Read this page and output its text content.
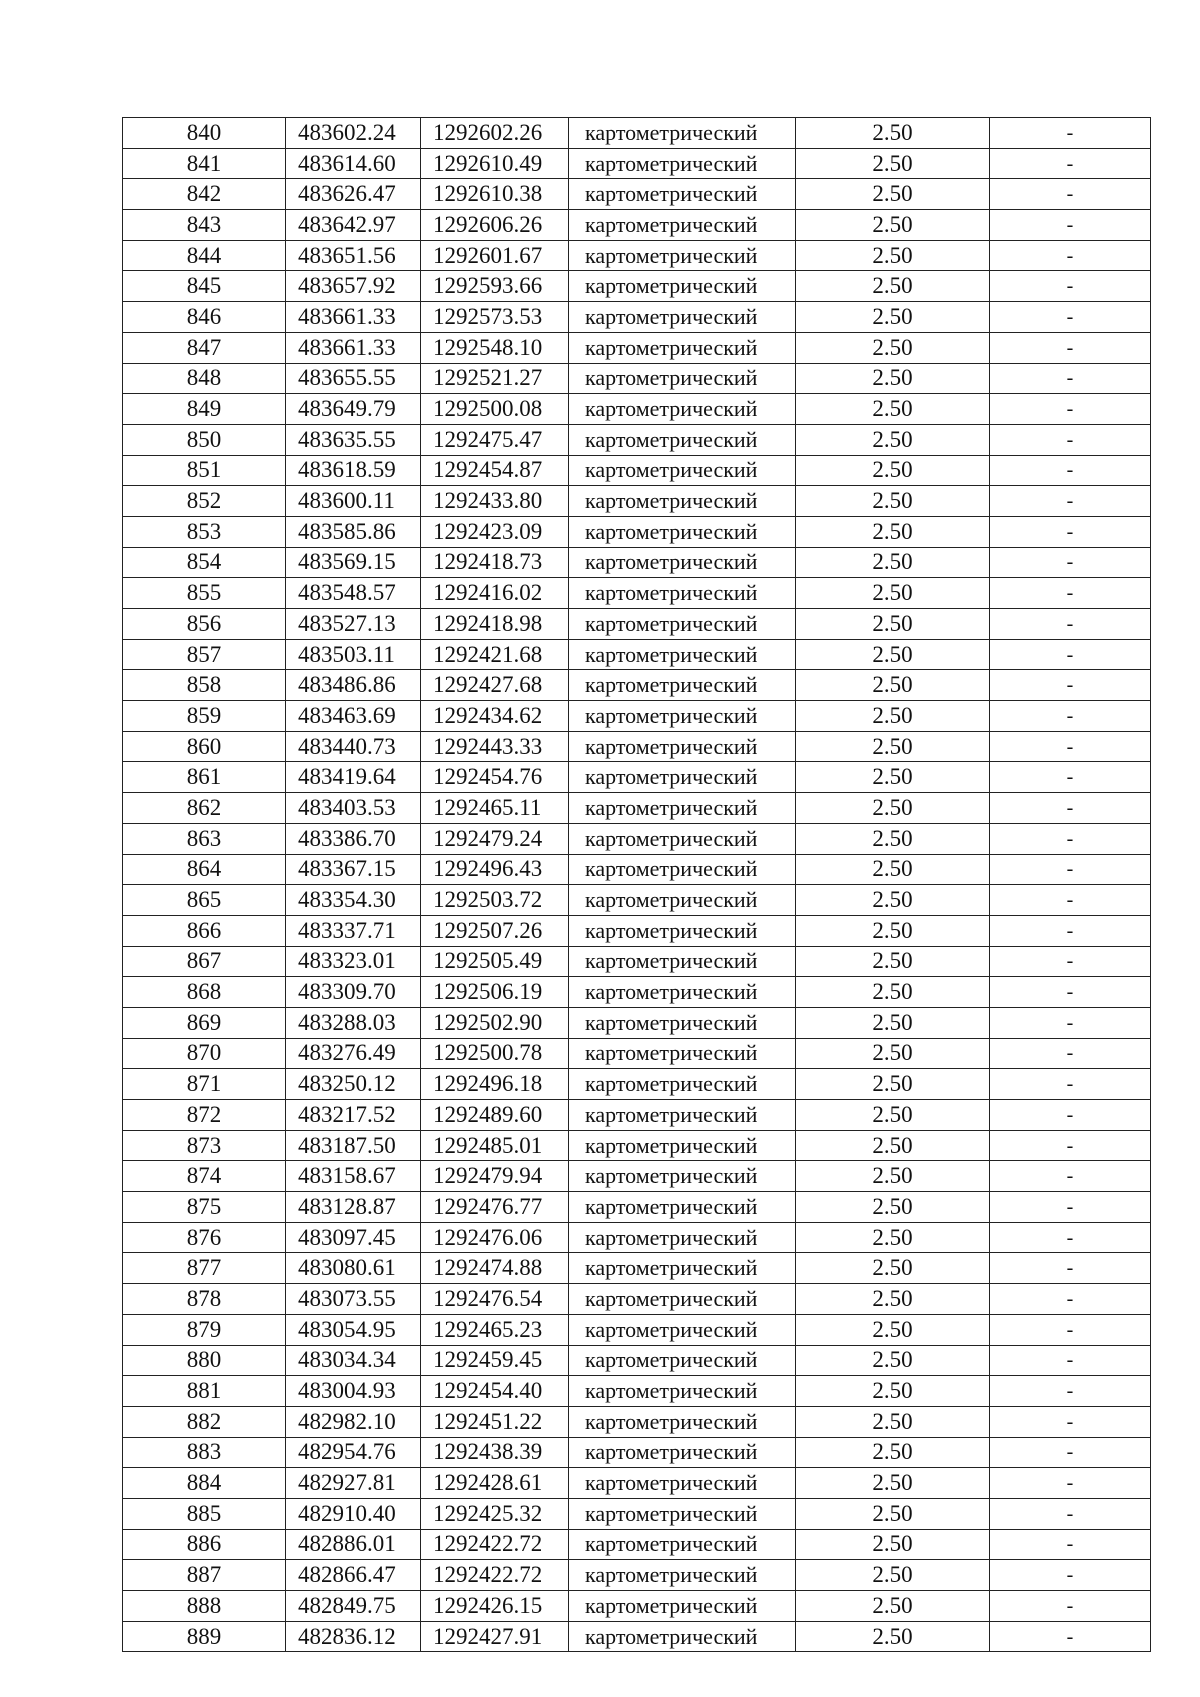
840	483602.24	1292602.26	картометрический	2.50	-
841	483614.60	1292610.49	картометрический	2.50	-
842	483626.47	1292610.38	картометрический	2.50	-
843	483642.97	1292606.26	картометрический	2.50	-
844	483651.56	1292601.67	картометрический	2.50	-
845	483657.92	1292593.66	картометрический	2.50	-
846	483661.33	1292573.53	картометрический	2.50	-
847	483661.33	1292548.10	картометрический	2.50	-
848	483655.55	1292521.27	картометрический	2.50	-
849	483649.79	1292500.08	картометрический	2.50	-
850	483635.55	1292475.47	картометрический	2.50	-
851	483618.59	1292454.87	картометрический	2.50	-
852	483600.11	1292433.80	картометрический	2.50	-
853	483585.86	1292423.09	картометрический	2.50	-
854	483569.15	1292418.73	картометрический	2.50	-
855	483548.57	1292416.02	картометрический	2.50	-
856	483527.13	1292418.98	картометрический	2.50	-
857	483503.11	1292421.68	картометрический	2.50	-
858	483486.86	1292427.68	картометрический	2.50	-
859	483463.69	1292434.62	картометрический	2.50	-
860	483440.73	1292443.33	картометрический	2.50	-
861	483419.64	1292454.76	картометрический	2.50	-
862	483403.53	1292465.11	картометрический	2.50	-
863	483386.70	1292479.24	картометрический	2.50	-
864	483367.15	1292496.43	картометрический	2.50	-
865	483354.30	1292503.72	картометрический	2.50	-
866	483337.71	1292507.26	картометрический	2.50	-
867	483323.01	1292505.49	картометрический	2.50	-
868	483309.70	1292506.19	картометрический	2.50	-
869	483288.03	1292502.90	картометрический	2.50	-
870	483276.49	1292500.78	картометрический	2.50	-
871	483250.12	1292496.18	картометрический	2.50	-
872	483217.52	1292489.60	картометрический	2.50	-
873	483187.50	1292485.01	картометрический	2.50	-
874	483158.67	1292479.94	картометрический	2.50	-
875	483128.87	1292476.77	картометрический	2.50	-
876	483097.45	1292476.06	картометрический	2.50	-
877	483080.61	1292474.88	картометрический	2.50	-
878	483073.55	1292476.54	картометрический	2.50	-
879	483054.95	1292465.23	картометрический	2.50	-
880	483034.34	1292459.45	картометрический	2.50	-
881	483004.93	1292454.40	картометрический	2.50	-
882	482982.10	1292451.22	картометрический	2.50	-
883	482954.76	1292438.39	картометрический	2.50	-
884	482927.81	1292428.61	картометрический	2.50	-
885	482910.40	1292425.32	картометрический	2.50	-
886	482886.01	1292422.72	картометрический	2.50	-
887	482866.47	1292422.72	картометрический	2.50	-
888	482849.75	1292426.15	картометрический	2.50	-
889	482836.12	1292427.91	картометрический	2.50	-
